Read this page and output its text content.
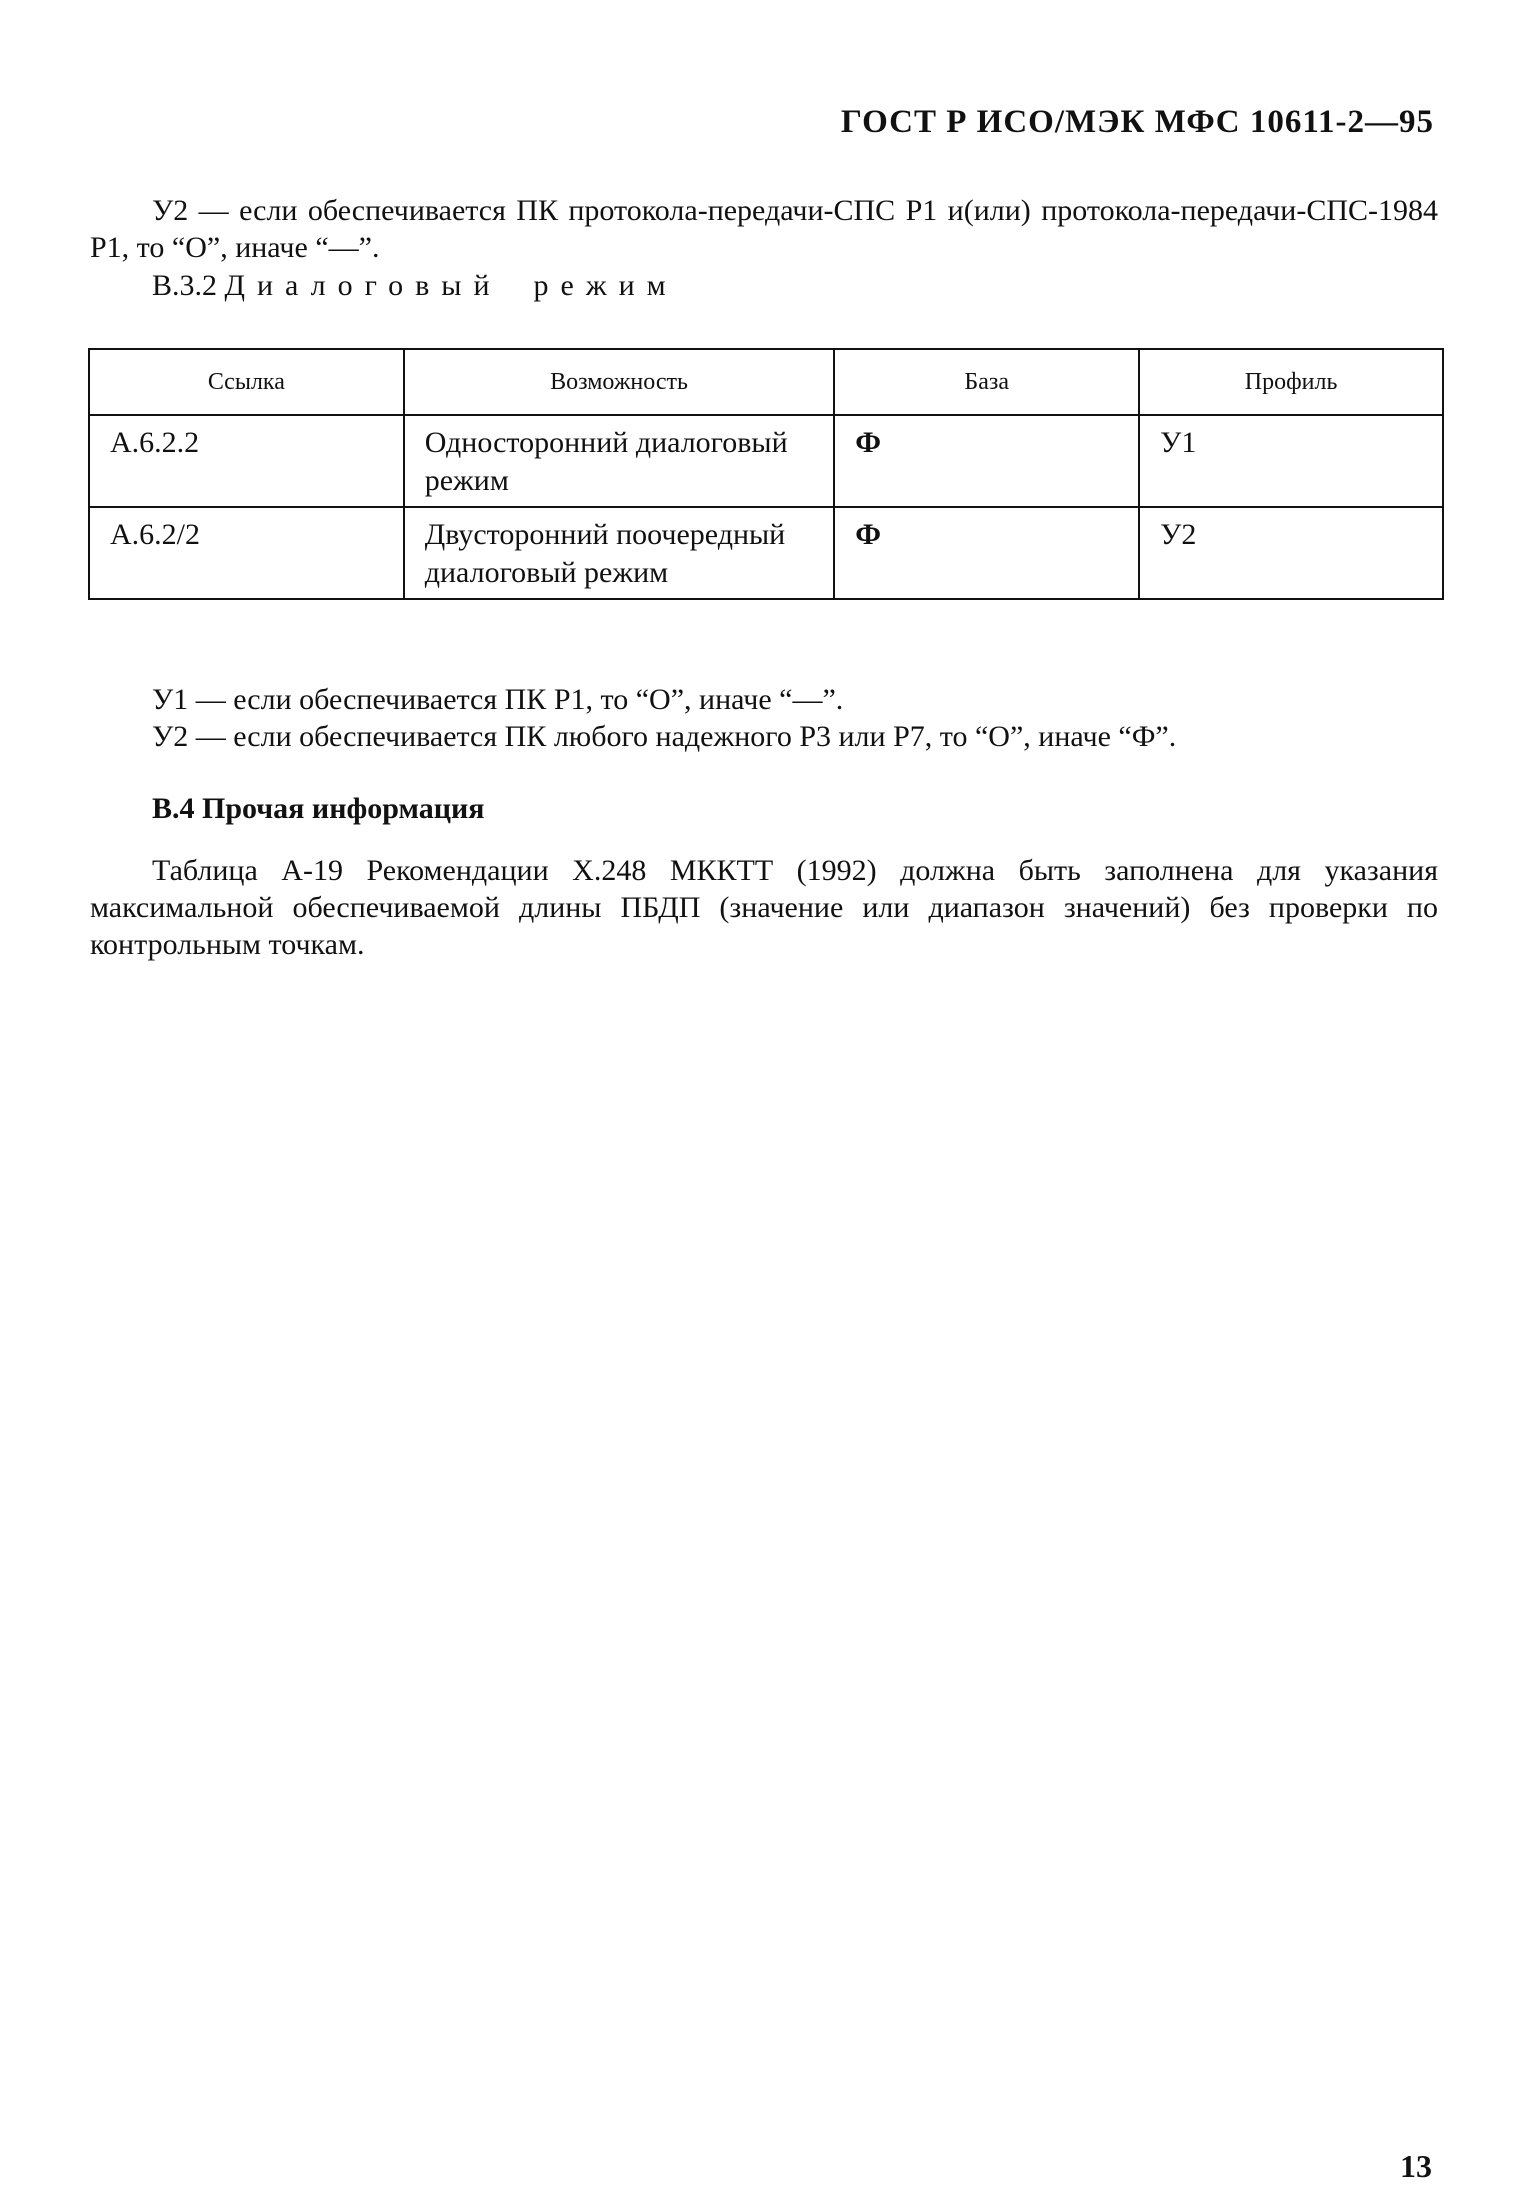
ГОСТ Р ИСО/МЭК МФС 10611-2—95
У2 — если обеспечивается ПК протокола-передачи-СПС Р1 и(или) протокола-передачи-СПС-1984 Р1, то “О”, иначе “—”.
В.3.2 Диалоговый режим
Ссылка	Возможность	База	Профиль
А.6.2.2	Односторонний диалоговый режим	Ф	У1
А.6.2/2	Двусторонний поочередный диалоговый режим	Ф	У2
У1 — если обеспечивается ПК Р1, то “О”, иначе “—”.
У2 — если обеспечивается ПК любого надежного Р3 или Р7, то “О”, иначе “Ф”.
В.4 Прочая информация
Таблица А-19 Рекомендации Х.248 МККТТ (1992) должна быть заполнена для указания максимальной обеспечиваемой длины ПБДП (значение или диапазон значений) без проверки по контрольным точкам.
13
